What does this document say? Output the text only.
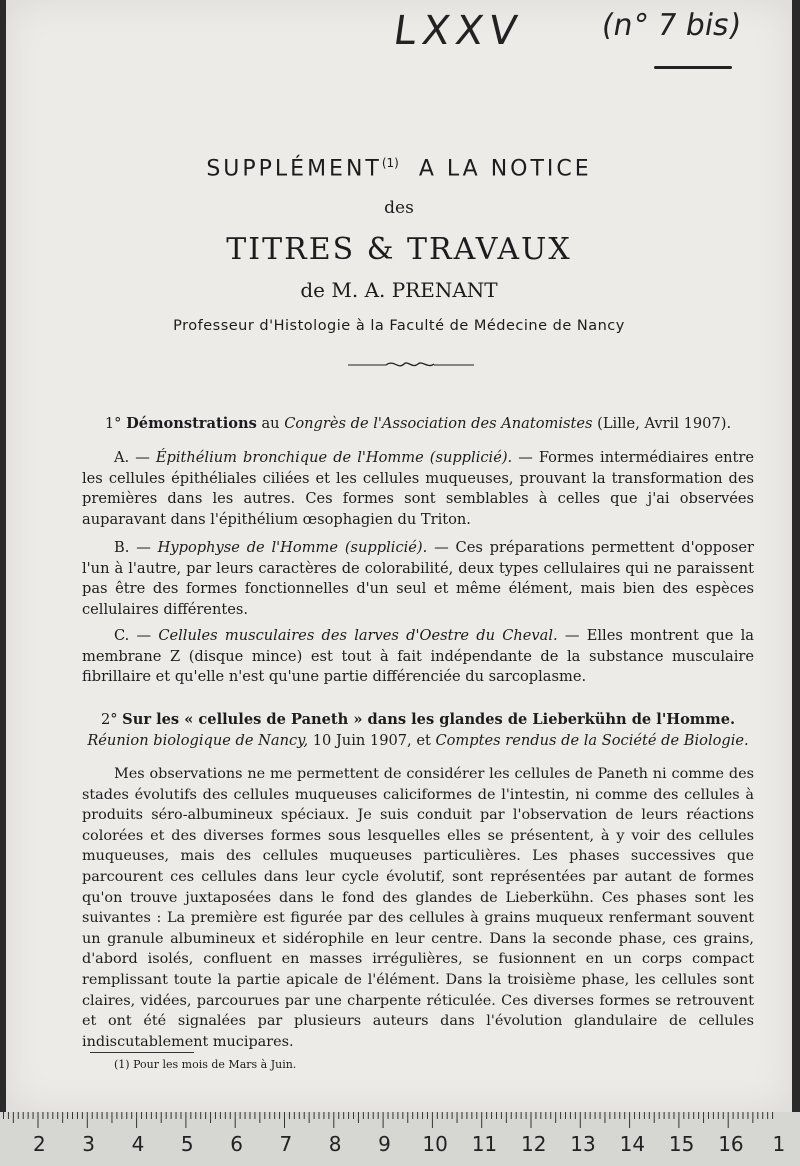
LXXV (n° 7 bis)
SUPPLÉMENT$^{(1)}$ A LA NOTICE
des
TITRES & TRAVAUX
de M. A. PRENANT
Professeur d'Histologie à la Faculté de Médecine de Nancy
1° Démonstrations au Congrès de l'Association des Anatomistes (Lille, Avril 1907).
A. — Épithélium bronchique de l'Homme (supplicié). — Formes intermédiaires entre les cellules épithéliales ciliées et les cellules muqueuses, prouvant la transformation des premières dans les autres. Ces formes sont semblables à celles que j'ai observées auparavant dans l'épithélium œsophagien du Triton.
B. — Hypophyse de l'Homme (supplicié). — Ces préparations permettent d'opposer l'un à l'autre, par leurs caractères de colorabilité, deux types cellulaires qui ne paraissent pas être des formes fonctionnelles d'un seul et même élément, mais bien des espèces cellulaires différentes.
C. — Cellules musculaires des larves d'Oestre du Cheval. — Elles montrent que la membrane Z (disque mince) est tout à fait indépendante de la substance musculaire fibrillaire et qu'elle n'est qu'une partie différenciée du sarcoplasme.
2° Sur les « cellules de Paneth » dans les glandes de Lieberkühn de l'Homme. Réunion biologique de Nancy, 10 Juin 1907, et Comptes rendus de la Société de Biologie.
Mes observations ne me permettent de considérer les cellules de Paneth ni comme des stades évolutifs des cellules muqueuses caliciformes de l'intestin, ni comme des cellules à produits séro-albumineux spéciaux. Je suis conduit par l'observation de leurs réactions colorées et des diverses formes sous lesquelles elles se présentent, à y voir des cellules muqueuses, mais des cellules muqueuses particulières. Les phases successives que parcourent ces cellules dans leur cycle évolutif, sont représentées par autant de formes qu'on trouve juxtaposées dans le fond des glandes de Lieberkühn. Ces phases sont les suivantes : La première est figurée par des cellules à grains muqueux renfermant souvent un granule albumineux et sidérophile en leur centre. Dans la seconde phase, ces grains, d'abord isolés, confluent en masses irrégulières, se fusionnent en un corps compact remplissant toute la partie apicale de l'élément. Dans la troisième phase, les cellules sont claires, vidées, parcourues par une charpente réticulée. Ces diverses formes se retrouvent et ont été signalées par plusieurs auteurs dans l'évolution glandulaire de cellules indiscutablement mucipares.
(1) Pour les mois de Mars à Juin.
2 3 4 5 6 7 8 9 10 11 12 13 14 15 16 1
